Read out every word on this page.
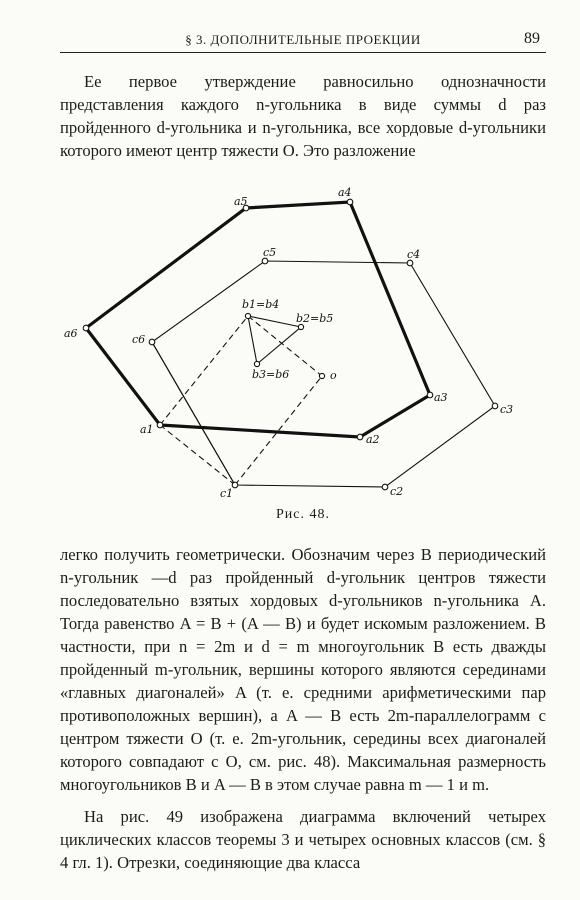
§ 3. ДОПОЛНИТЕЛЬНЫЕ ПРОЕКЦИИ	89

Ее первое утверждение равносильно однозначности представления каждого n-угольника в виде суммы d раз пройденного d-угольника и n-угольника, все хордовые d-угольники которого имеют центр тяжести O. Это разложение

a1
a2
a3
a4
a5
a6
c1	c2
c3
c4
c5
c6
b1=b4
b2=b5
b3=b6	o
Рис. 48.

легко получить геометрически. Обозначим через B периодический n-угольник —d раз пройденный d-угольник центров тяжести последовательно взятых хордовых d-угольников n-угольника A. Тогда равенство A = B + (A — B) и будет искомым разложением. В частности, при n = 2m и d = m многоугольник B есть дважды пройденный m-угольник, вершины которого являются серединами «главных диагоналей» A (т. е. средними арифметическими пар противоположных вершин), а A — B есть 2m-параллелограмм с центром тяжести O (т. е. 2m-угольник, середины всех диагоналей которого совпадают с O, см. рис. 48). Максимальная размерность многоугольников B и A — B в этом случае равна m — 1 и m.

На рис. 49 изображена диаграмма включений четырех циклических классов теоремы 3 и четырех основных классов (см. § 4 гл. 1). Отрезки, соединяющие два класса
